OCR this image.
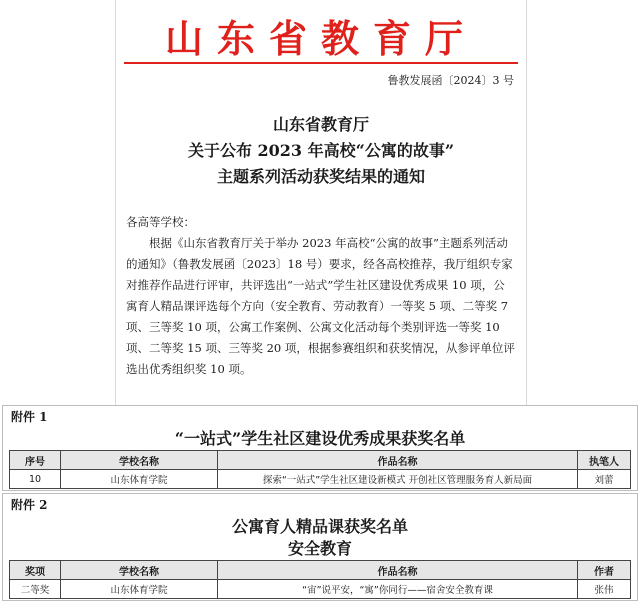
山东省教育厅
鲁教发展函〔2024〕3 号
山东省教育厅
关于公布 2023 年高校“公寓的故事”
主题系列活动获奖结果的通知

各高等学校：

根据《山东省教育厅关于举办 2023 年高校“公寓的故事”主题系列活动的通知》（鲁教发展函〔2023〕18 号）要求，经各高校推荐，我厅组织专家对推荐作品进行评审，共评选出“一站式”学生社区建设优秀成果 10 项，公寓育人精品课评选每个方向（安全教育、劳动教育）一等奖 5 项、二等奖 7 项、三等奖 10 项，公寓工作案例、公寓文化活动每个类别评选一等奖 10 项、二等奖 15 项、三等奖 20 项，根据参赛组织和获奖情况，从参评单位评选出优秀组织奖 10 项。

附件 1
“一站式”学生社区建设优秀成果获奖名单
序号	学校名称	作品名称	执笔人
10	山东体育学院	探索“一站式”学生社区建设新模式 开创社区管理服务育人新局面	刘蕾
附件 2
公寓育人精品课获奖名单
安全教育
奖项	学校名称	作品名称	作者
二等奖	山东体育学院	“宙”说平安，“寓”你同行——宿舍安全教育课	张伟
